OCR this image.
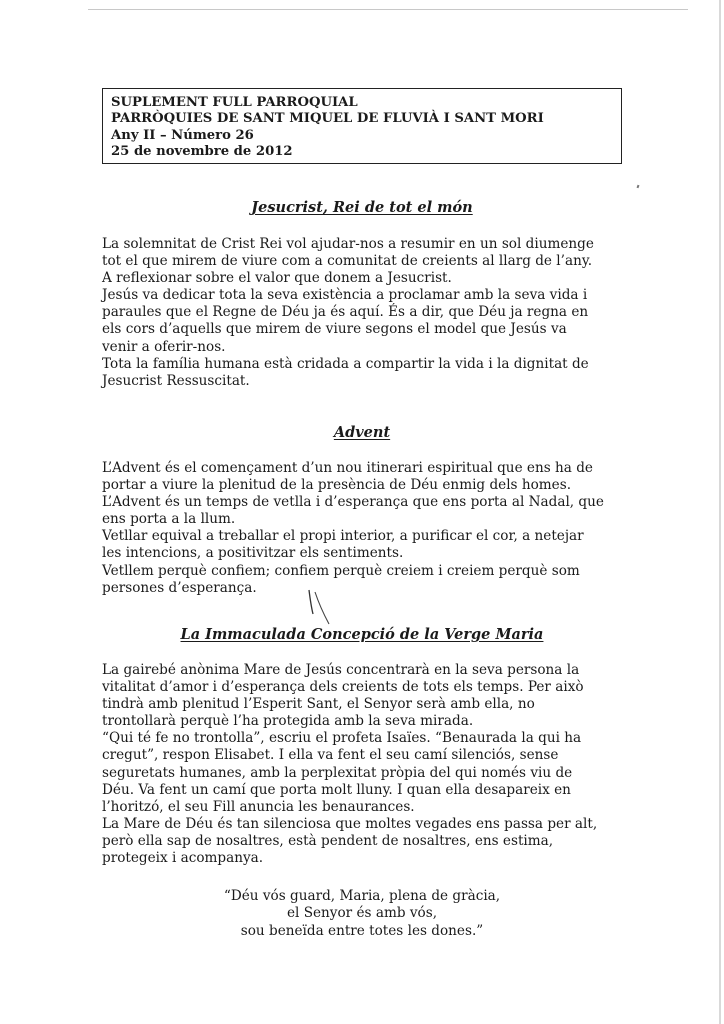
SUPLEMENT FULL PARROQUIAL
PARRÒQUIES DE SANT MIQUEL DE FLUVIÀ I SANT MORI
Any II – Número 26
25 de novembre de 2012
Jesucrist, Rei de tot el món
La solemnitat de Crist Rei vol ajudar-nos a resumir en un sol diumenge
tot el que mirem de viure com a comunitat de creients al llarg de l’any.
A reflexionar sobre el valor que donem a Jesucrist.
Jesús va dedicar tota la seva existència a proclamar amb la seva vida i
paraules que el Regne de Déu ja és aquí. És a dir, que Déu ja regna en
els cors d’aquells que mirem de viure segons el model que Jesús va
venir a oferir-nos.
Tota la família humana està cridada a compartir la vida i la dignitat de
Jesucrist Ressuscitat.
Advent
L’Advent és el començament d’un nou itinerari espiritual que ens ha de
portar a viure la plenitud de la presència de Déu enmig dels homes.
L’Advent és un temps de vetlla i d’esperança que ens porta al Nadal, que
ens porta a la llum.
Vetllar equival a treballar el propi interior, a purificar el cor, a netejar
les intencions, a positivitzar els sentiments.
Vetllem perquè confiem; confiem perquè creiem i creiem perquè som
persones d’esperança.
La Immaculada Concepció de la Verge Maria
La gairebé anònima Mare de Jesús concentrarà en la seva persona la
vitalitat d’amor i d’esperança dels creients de tots els temps. Per això
tindrà amb plenitud l’Esperit Sant, el Senyor serà amb ella, no
trontollarà perquè l’ha protegida amb la seva mirada.
“Qui té fe no trontolla”, escriu el profeta Isaïes. “Benaurada la qui ha
cregut”, respon Elisabet. I ella va fent el seu camí silenciós, sense
seguretats humanes, amb la perplexitat pròpia del qui només viu de
Déu. Va fent un camí que porta molt lluny. I quan ella desapareix en
l’horitzó, el seu Fill anuncia les benaurances.
La Mare de Déu és tan silenciosa que moltes vegades ens passa per alt,
però ella sap de nosaltres, està pendent de nosaltres, ens estima,
protegeix i acompanya.
“Déu vós guard, Maria, plena de gràcia,
el Senyor és amb vós,
sou beneïda entre totes les dones.”
